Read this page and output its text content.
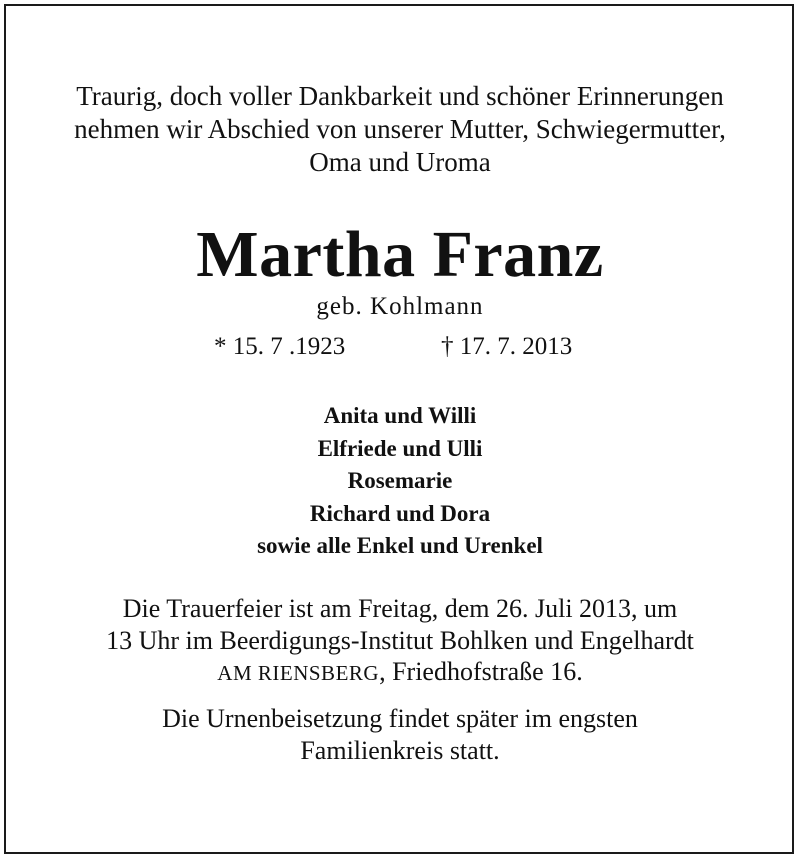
Traurig, doch voller Dankbarkeit und schöner Erinnerungen
nehmen wir Abschied von unserer Mutter, Schwiegermutter,
Oma und Uroma
Martha Franz
geb. Kohlmann
* 15. 7 .1923	† 17. 7. 2013
Anita und Willi
Elfriede und Ulli
Rosemarie
Richard und Dora
sowie alle Enkel und Urenkel
Die Trauerfeier ist am Freitag, dem 26. Juli 2013, um
13 Uhr im Beerdigungs-Institut Bohlken und Engelhardt
AM RIENSBERG, Friedhofstraße 16.
Die Urnenbeisetzung findet später im engsten
Familienkreis statt.
